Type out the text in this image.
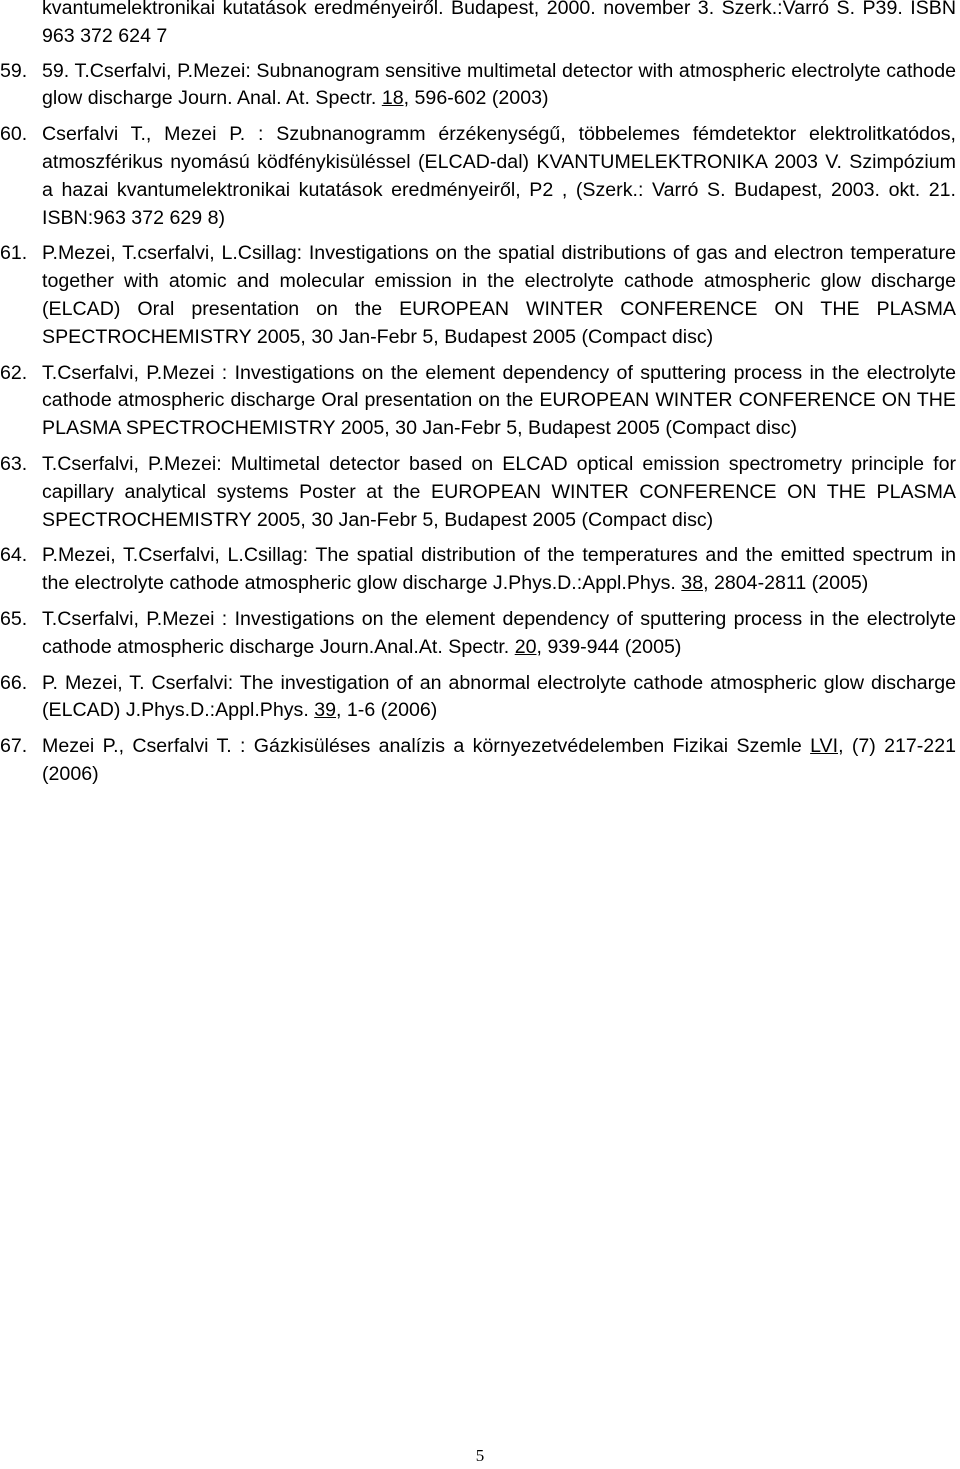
kvantumelektronikai kutatások eredményeiről. Budapest, 2000. november 3. Szerk.:Varró S. P39. ISBN 963 372 624 7
59. 59. T.Cserfalvi, P.Mezei: Subnanogram sensitive multimetal detector with atmospheric electrolyte cathode glow discharge Journ. Anal. At. Spectr. 18, 596-602 (2003)
60. Cserfalvi T., Mezei P. : Szubnanogramm érzékenységű, többelemes fémdetektor elektrolitkatódos, atmoszférikus nyomású ködfénykisüléssel (ELCAD-dal) KVANTUMELEKTRONIKA 2003 V. Szimpózium a hazai kvantumelektronikai kutatások eredményeiről, P2 , (Szerk.: Varró S. Budapest, 2003. okt. 21. ISBN:963 372 629 8)
61. P.Mezei, T.cserfalvi, L.Csillag: Investigations on the spatial distributions of gas and electron temperature together with atomic and molecular emission in the electrolyte cathode atmospheric glow discharge (ELCAD) Oral presentation on the EUROPEAN WINTER CONFERENCE ON THE PLASMA SPECTROCHEMISTRY 2005, 30 Jan-Febr 5, Budapest 2005 (Compact disc)
62. T.Cserfalvi, P.Mezei : Investigations on the element dependency of sputtering process in the electrolyte cathode atmospheric discharge Oral presentation on the EUROPEAN WINTER CONFERENCE ON THE PLASMA SPECTROCHEMISTRY 2005, 30 Jan-Febr 5, Budapest 2005 (Compact disc)
63. T.Cserfalvi, P.Mezei: Multimetal detector based on ELCAD optical emission spectrometry principle for capillary analytical systems Poster at the EUROPEAN WINTER CONFERENCE ON THE PLASMA SPECTROCHEMISTRY 2005, 30 Jan-Febr 5, Budapest 2005 (Compact disc)
64. P.Mezei, T.Cserfalvi, L.Csillag: The spatial distribution of the temperatures and the emitted spectrum in the electrolyte cathode atmospheric glow discharge J.Phys.D.:Appl.Phys. 38, 2804-2811 (2005)
65. T.Cserfalvi, P.Mezei : Investigations on the element dependency of sputtering process in the electrolyte cathode atmospheric discharge Journ.Anal.At. Spectr. 20, 939-944 (2005)
66. P. Mezei, T. Cserfalvi: The investigation of an abnormal electrolyte cathode atmospheric glow discharge (ELCAD) J.Phys.D.:Appl.Phys. 39, 1-6 (2006)
67. Mezei P., Cserfalvi T. : Gázkisüléses analízis a környezetvédelemben Fizikai Szemle LVI, (7) 217-221 (2006)
5
